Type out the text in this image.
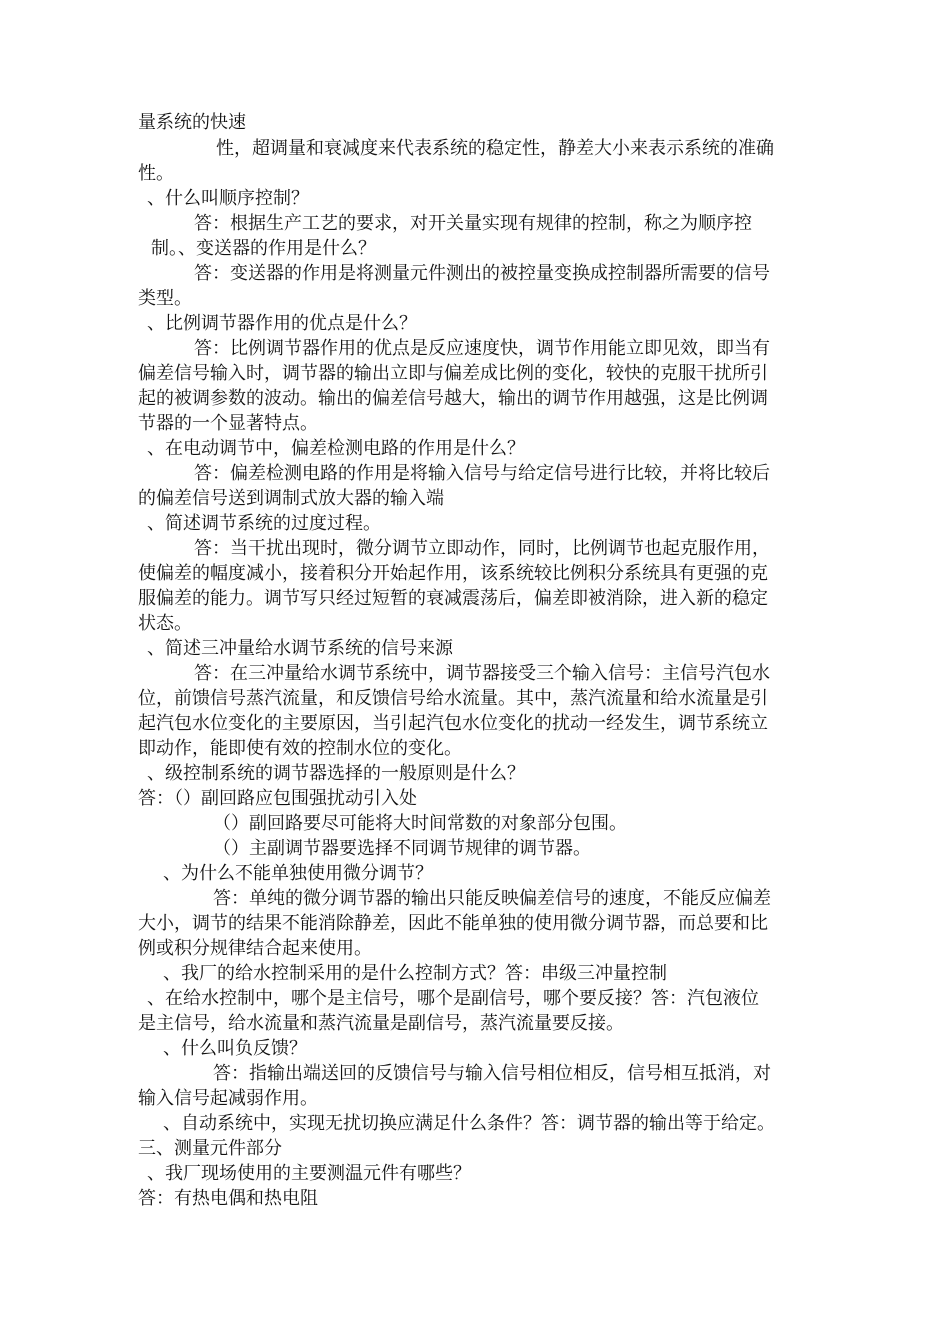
量系统的快速
性，超调量和衰减度来代表系统的稳定性，静差大小来表示系统的准确
性。
、什么叫顺序控制？
答：根据生产工艺的要求，对开关量实现有规律的控制，称之为顺序控
制。、变送器的作用是什么？
答：变送器的作用是将测量元件测出的被控量变换成控制器所需要的信号
类型。
、比例调节器作用的优点是什么？
答：比例调节器作用的优点是反应速度快，调节作用能立即见效，即当有
偏差信号输入时，调节器的输出立即与偏差成比例的变化，较快的克服干扰所引
起的被调参数的波动。输出的偏差信号越大，输出的调节作用越强，这是比例调
节器的一个显著特点。
、在电动调节中，偏差检测电路的作用是什么？
答：偏差检测电路的作用是将输入信号与给定信号进行比较，并将比较后
的偏差信号送到调制式放大器的输入端
、简述调节系统的过度过程。
答：当干扰出现时，微分调节立即动作，同时，比例调节也起克服作用，
使偏差的幅度减小，接着积分开始起作用，该系统较比例积分系统具有更强的克
服偏差的能力。调节写只经过短暂的衰减震荡后，偏差即被消除，进入新的稳定
状态。
、简述三冲量给水调节系统的信号来源
答：在三冲量给水调节系统中，调节器接受三个输入信号：主信号汽包水
位，前馈信号蒸汽流量，和反馈信号给水流量。其中，蒸汽流量和给水流量是引
起汽包水位变化的主要原因，当引起汽包水位变化的扰动一经发生，调节系统立
即动作，能即使有效的控制水位的变化。
、级控制系统的调节器选择的一般原则是什么？
答：（）副回路应包围强扰动引入处
（）副回路要尽可能将大时间常数的对象部分包围。
（）主副调节器要选择不同调节规律的调节器。
、为什么不能单独使用微分调节？
答：单纯的微分调节器的输出只能反映偏差信号的速度，不能反应偏差
大小，调节的结果不能消除静差，因此不能单独的使用微分调节器，而总要和比
例或积分规律结合起来使用。
、我厂的给水控制采用的是什么控制方式？答：串级三冲量控制
、在给水控制中，哪个是主信号，哪个是副信号，哪个要反接？答：汽包液位
是主信号，给水流量和蒸汽流量是副信号，蒸汽流量要反接。
、什么叫负反馈？
答：指输出端送回的反馈信号与输入信号相位相反，信号相互抵消，对
输入信号起减弱作用。
、自动系统中，实现无扰切换应满足什么条件？答：调节器的输出等于给定。
三、测量元件部分
、我厂现场使用的主要测温元件有哪些？
答：有热电偶和热电阻
